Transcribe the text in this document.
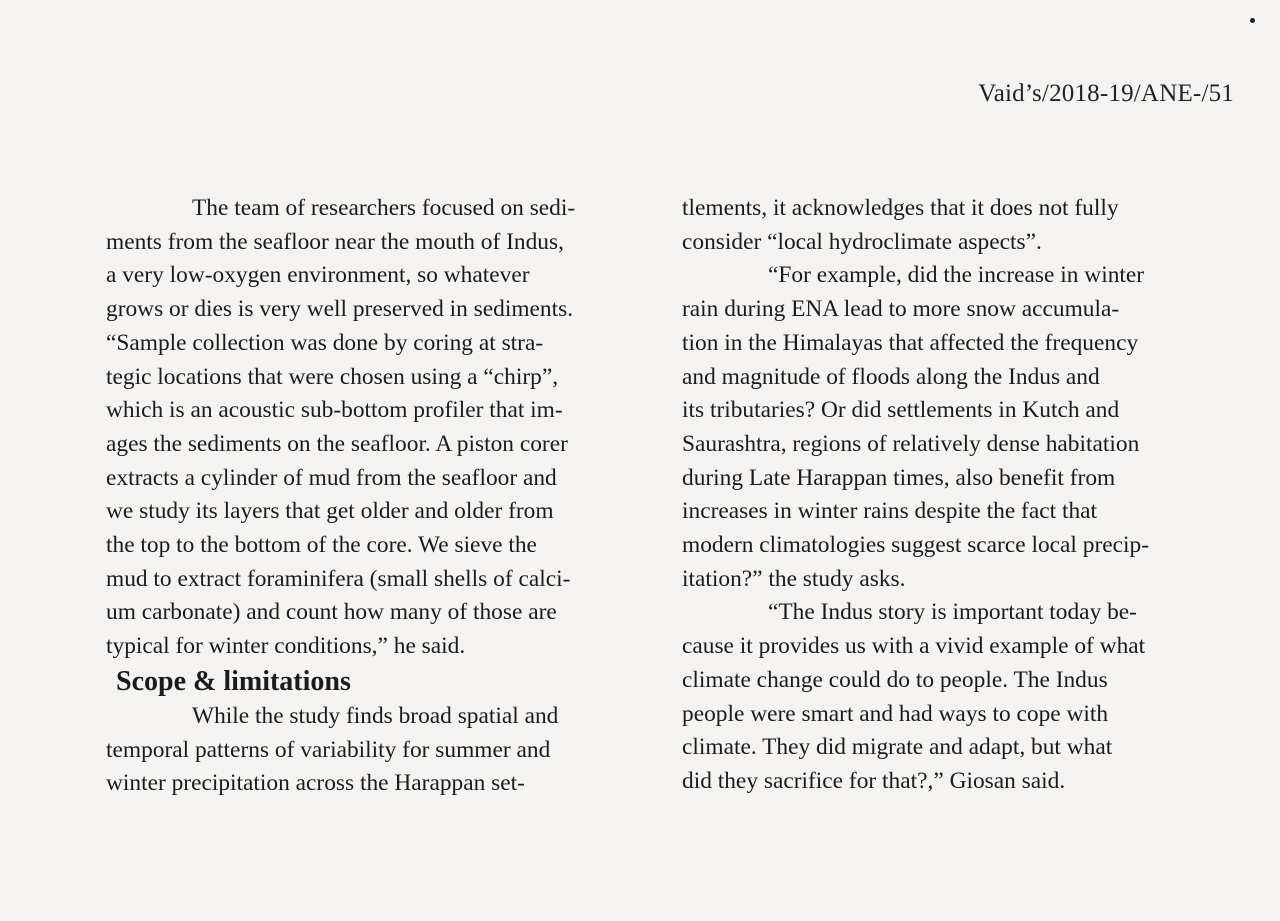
Vaid’s/2018-19/ANE-/51
The team of researchers focused on sedi-
ments from the seafloor near the mouth of Indus,
a very low-oxygen environment, so whatever
grows or dies is very well preserved in sediments.
“Sample collection was done by coring at stra-
tegic locations that were chosen using a “chirp”,
which is an acoustic sub-bottom profiler that im-
ages the sediments on the seafloor. A piston corer
extracts a cylinder of mud from the seafloor and
we study its layers that get older and older from
the top to the bottom of the core. We sieve the
mud to extract foraminifera (small shells of calci-
um carbonate) and count how many of those are
typical for winter conditions,” he said.
Scope & limitations
While the study finds broad spatial and
temporal patterns of variability for summer and
winter precipitation across the Harappan set-
tlements, it acknowledges that it does not fully
consider “local hydroclimate aspects”.
“For example, did the increase in winter
rain during ENA lead to more snow accumula-
tion in the Himalayas that affected the frequency
and magnitude of floods along the Indus and
its tributaries? Or did settlements in Kutch and
Saurashtra, regions of relatively dense habitation
during Late Harappan times, also benefit from
increases in winter rains despite the fact that
modern climatologies suggest scarce local precip-
itation?” the study asks.
“The Indus story is important today be-
cause it provides us with a vivid example of what
climate change could do to people. The Indus
people were smart and had ways to cope with
climate. They did migrate and adapt, but what
did they sacrifice for that?,” Giosan said.
